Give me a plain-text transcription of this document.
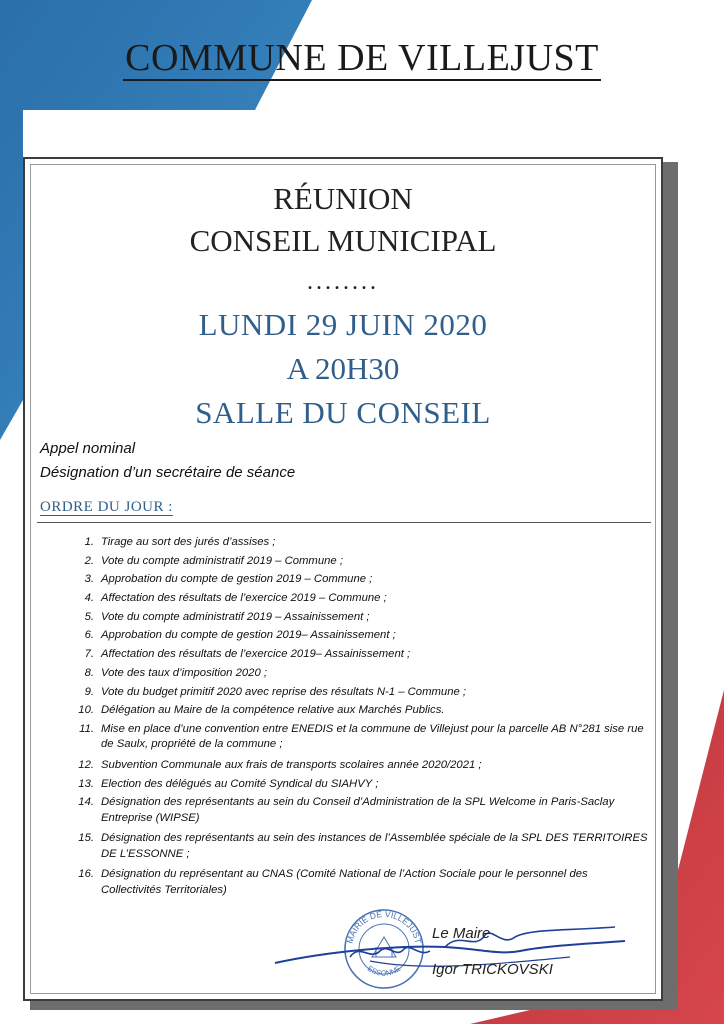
COMMUNE DE VILLEJUST
RÉUNION
CONSEIL MUNICIPAL
........
LUNDI 29 JUIN 2020
A 20H30
SALLE DU CONSEIL
Appel nominal
Désignation d’un secrétaire de séance
ORDRE DU JOUR :
1. Tirage au sort des jurés d’assises ;
2. Vote du compte administratif 2019 – Commune ;
3. Approbation du compte de gestion 2019 – Commune ;
4. Affectation des résultats de l’exercice 2019 – Commune ;
5. Vote du compte administratif 2019 – Assainissement ;
6. Approbation du compte de gestion 2019– Assainissement ;
7. Affectation des résultats de l’exercice 2019– Assainissement ;
8. Vote des taux d’imposition 2020 ;
9. Vote du budget primitif 2020 avec reprise des résultats N-1 – Commune ;
10. Délégation au Maire de la compétence relative aux Marchés Publics.
11. Mise en place d’une convention entre ENEDIS et la commune de Villejust pour la parcelle AB N°281 sise rue de Saulx, propriété de la commune ;
12. Subvention Communale aux frais de transports scolaires année 2020/2021 ;
13. Election des délégués au Comité Syndical du SIAHVY ;
14. Désignation des représentants au sein du Conseil d’Administration de la SPL Welcome in Paris-Saclay Entreprise (WIPSE)
15. Désignation des représentants au sein des instances de l’Assemblée spéciale de la SPL DES TERRITOIRES DE L’ESSONNE ;
16. Désignation du représentant au CNAS (Comité National de l’Action Sociale pour le personnel des Collectivités Territoriales)
MAIRIE DE VILLEJUST
ESSONNE
Le Maire
Igor TRICKOVSKI
